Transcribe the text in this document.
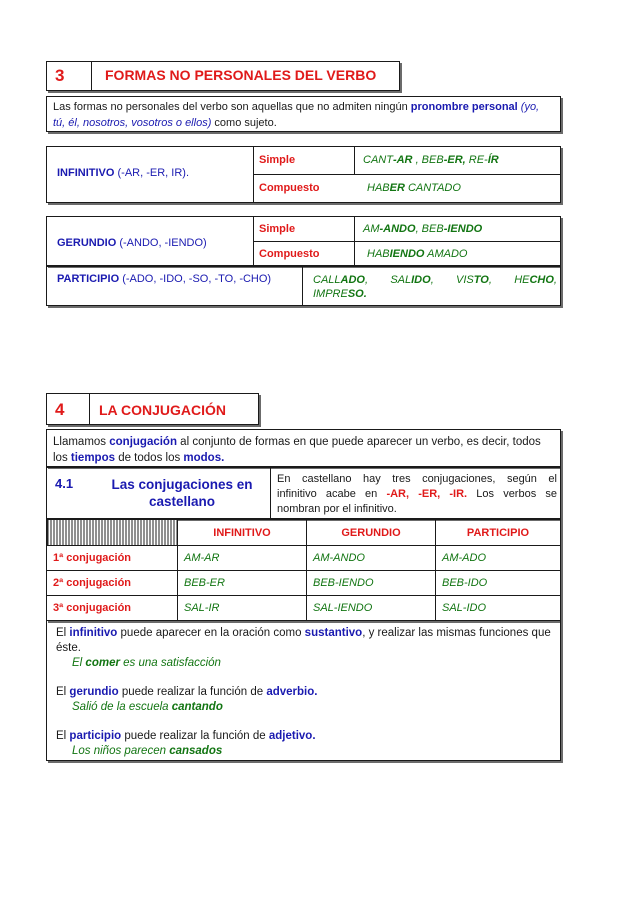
3	FORMAS NO PERSONALES DEL VERBO
Las formas no personales del verbo son aquellas que no admiten ningún pronombre personal (yo,
tú, él, nosotros, vosotros o ellos) como sujeto.
INFINITIVO (-AR, -ER, IR).
Simple	CANT-AR , BEB-ER, RE-ÍR
Compuesto	HABER CANTADO
GERUNDIO (-ANDO, -IENDO)
Simple	AM-ANDO, BEB-IENDO
Compuesto	HABIENDO AMADO
PARTICIPIO (-ADO, -IDO, -SO, -TO, -CHO)	CALLADO, SALIDO, VISTO, HECHO,
IMPRESO.
4	LA CONJUGACIÓN
Llamamos conjugación al conjunto de formas en que puede aparecer un verbo, es decir, todos
los tiempos de todos los modos.
4.1	Las conjugaciones en
castellano
En castellano hay tres conjugaciones, según el
infinitivo acabe en -AR, -ER, -IR. Los verbos se
nombran por el infinitivo.
	INFINITIVO	GERUNDIO	PARTICIPIO
1ª conjugación	AM-AR	AM-ANDO	AM-ADO
2ª conjugación	BEB-ER	BEB-IENDO	BEB-IDO
3ª conjugación	SAL-IR	SAL-IENDO	SAL-IDO
El infinitivo puede aparecer en la oración como sustantivo, y realizar las mismas funciones que
éste.
El comer es una satisfacción
El gerundio puede realizar la función de adverbio.
Salió de la escuela cantando
El participio puede realizar la función de adjetivo.
Los niños parecen cansados
